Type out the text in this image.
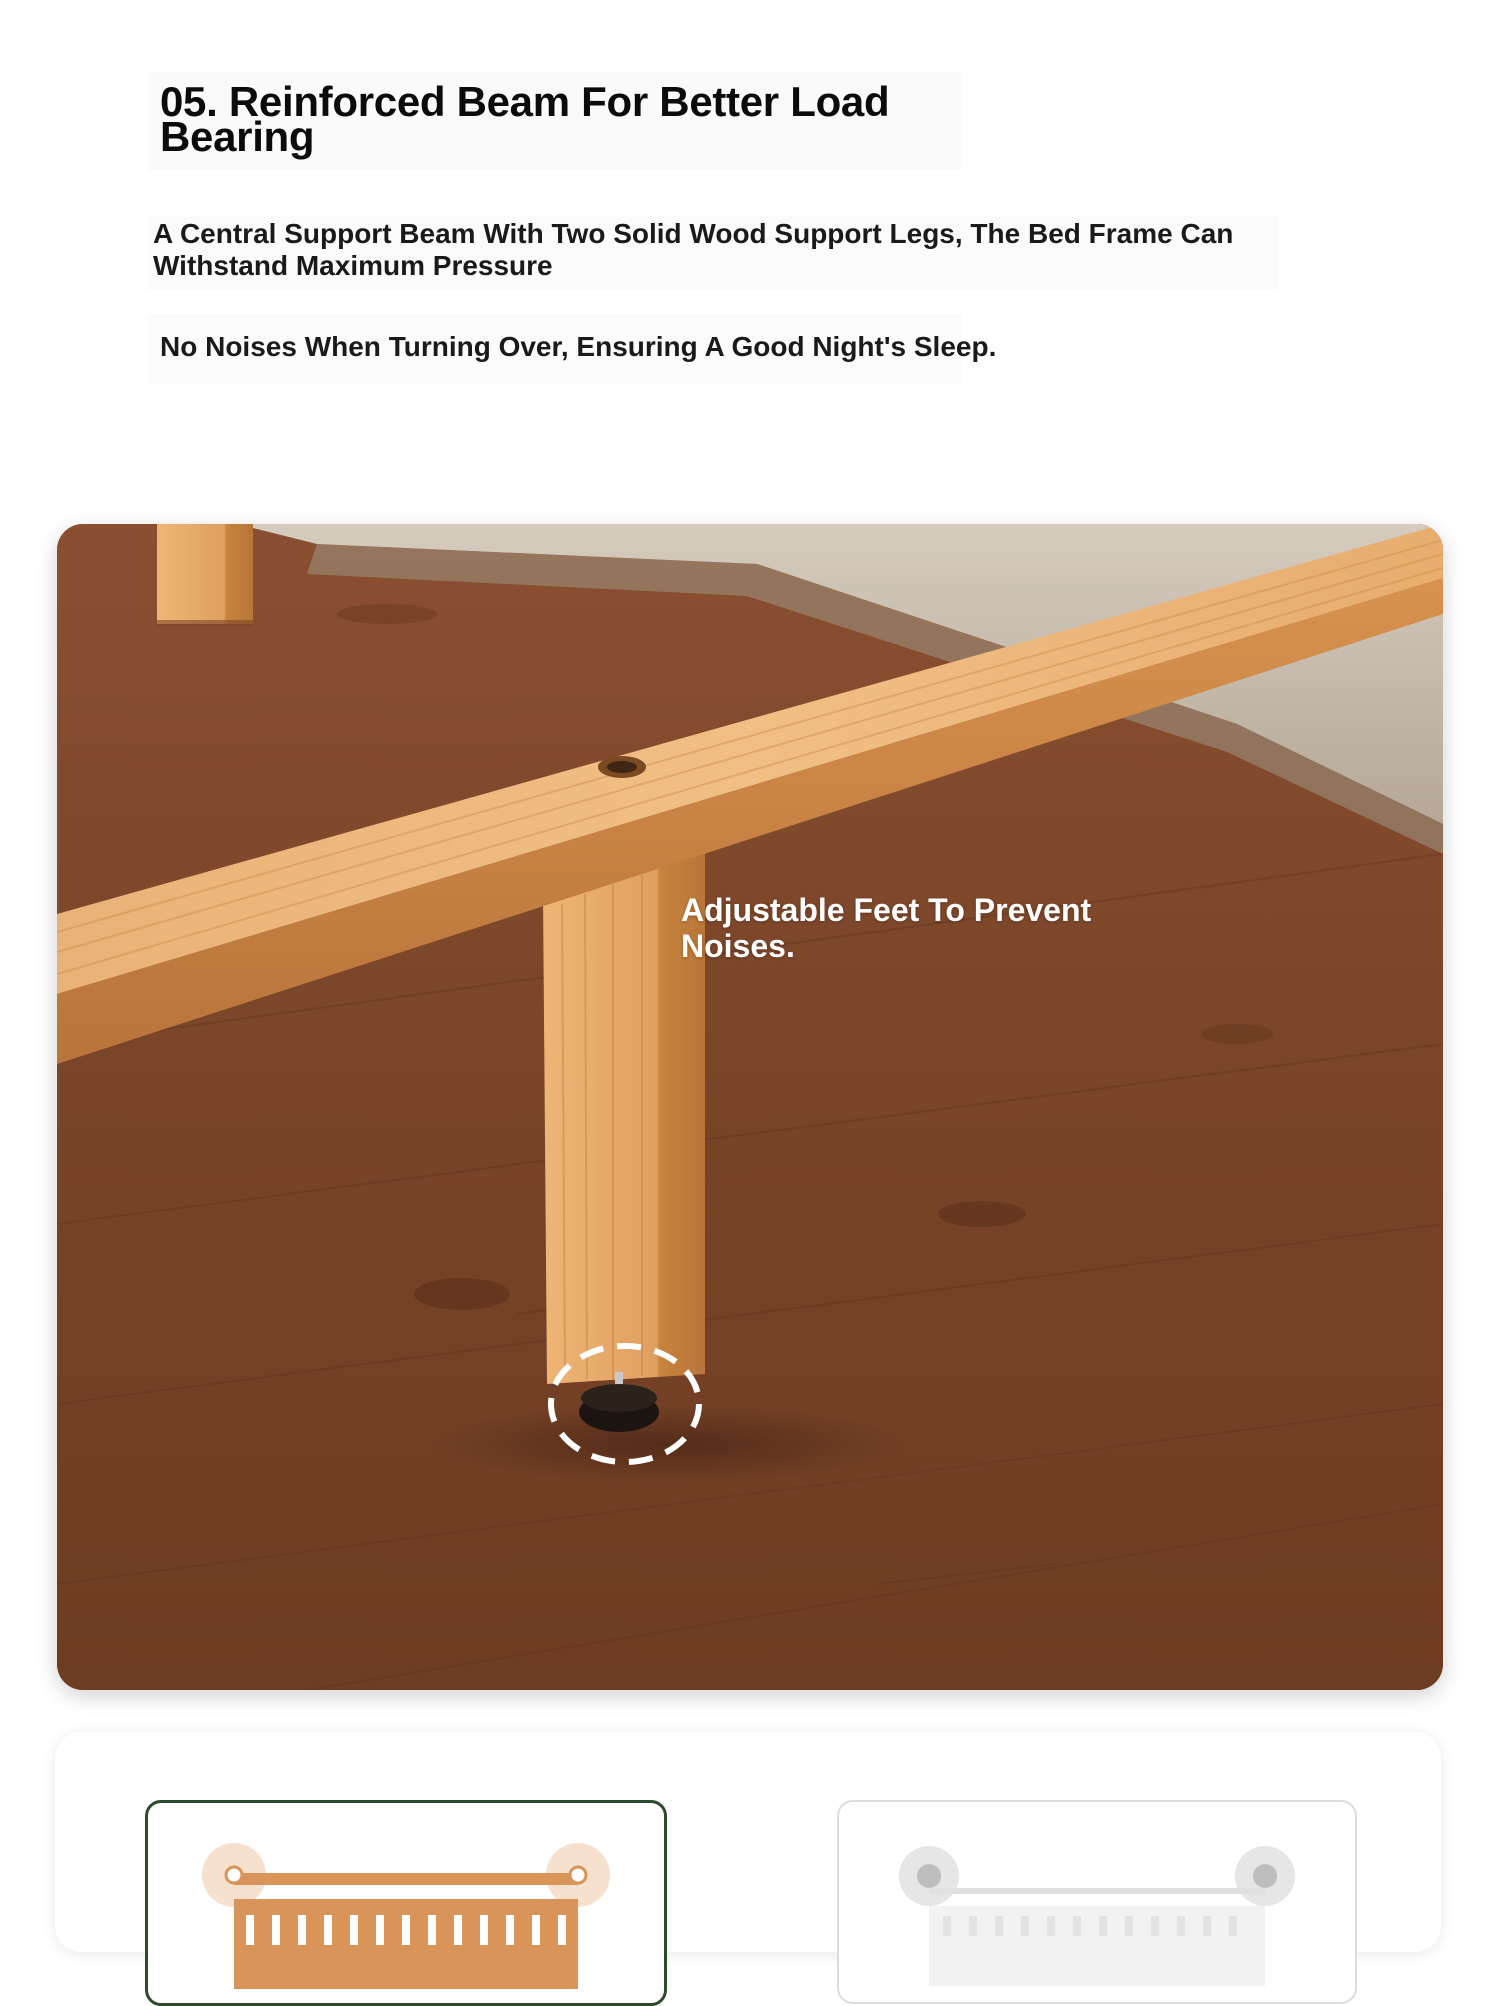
05. Reinforced Beam For Better Load Bearing

A Central Support Beam With Two Solid Wood Support Legs, The Bed Frame Can Withstand Maximum Pressure

No Noises When Turning Over, Ensuring A Good Night's Sleep.

Adjustable Feet To Prevent Noises.
